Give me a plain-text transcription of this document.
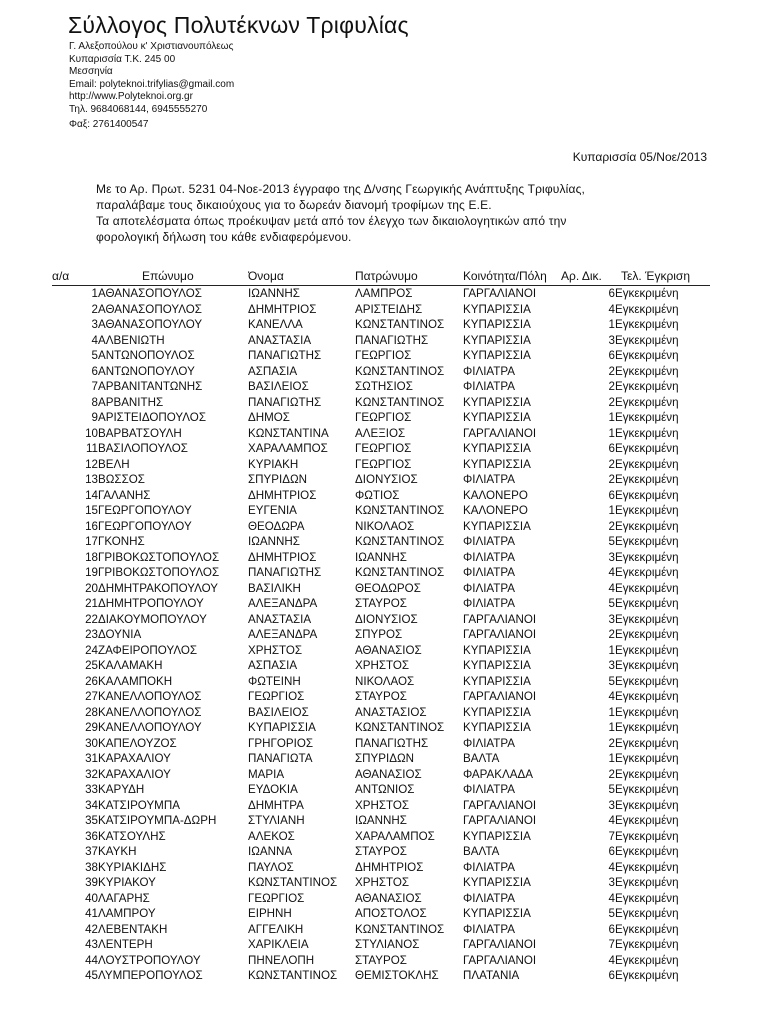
Σύλλογος Πολυτέκνων Τριφυλίας
Γ. Αλεξοπούλου κ' Χριστιανουπόλεως
Κυπαρισσία Τ.Κ. 245 00
Μεσσηνία
Email: polyteknoi.trifylias@gmail.com
http://www.Polyteknoi.org.gr
Τηλ. 9684068144, 6945555270
Φαξ: 2761400547
Κυπαρισσία 05/Νοε/2013

Με το Αρ. Πρωτ. 5231 04-Νοε-2013 έγγραφο της Δ/νσης Γεωργικής Ανάπτυξης Τριφυλίας,

παραλάβαμε τους δικαιούχους για το δωρεάν διανομή τροφίμων της Ε.Ε.

Τα αποτελέσματα όπως προέκυψαν μετά από τον έλεγχο των δικαιολογητικών από την

φορολογική δήλωση του κάθε ενδιαφερόμενου.

α/α	Επώνυμο	Όνομα	Πατρώνυμο	Κοινότητα/Πόλη	Αρ. Δικ.	Τελ. Έγκριση
1	ΑΘΑΝΑΣΟΠΟΥΛΟΣ	ΙΩΑΝΝΗΣ	ΛΑΜΠΡΟΣ	ΓΑΡΓΑΛΙΑΝΟΙ	6	Εγκεκριμένη
2	ΑΘΑΝΑΣΟΠΟΥΛΟΣ	ΔΗΜΗΤΡΙΟΣ	ΑΡΙΣΤΕΙΔΗΣ	ΚΥΠΑΡΙΣΣΙΑ	4	Εγκεκριμένη
3	ΑΘΑΝΑΣΟΠΟΥΛΟΥ	ΚΑΝΕΛΛΑ	ΚΩΝΣΤΑΝΤΙΝΟΣ	ΚΥΠΑΡΙΣΣΙΑ	1	Εγκεκριμένη
4	ΑΛΒΕΝΙΩΤΗ	ΑΝΑΣΤΑΣΙΑ	ΠΑΝΑΓΙΩΤΗΣ	ΚΥΠΑΡΙΣΣΙΑ	3	Εγκεκριμένη
5	ΑΝΤΩΝΟΠΟΥΛΟΣ	ΠΑΝΑΓΙΩΤΗΣ	ΓΕΩΡΓΙΟΣ	ΚΥΠΑΡΙΣΣΙΑ	6	Εγκεκριμένη
6	ΑΝΤΩΝΟΠΟΥΛΟΥ	ΑΣΠΑΣΙΑ	ΚΩΝΣΤΑΝΤΙΝΟΣ	ΦΙΛΙΑΤΡΑ	2	Εγκεκριμένη
7	ΑΡΒΑΝΙΤΑΝΤΩΝΗΣ	ΒΑΣΙΛΕΙΟΣ	ΣΩΤΗΣΙΟΣ	ΦΙΛΙΑΤΡΑ	2	Εγκεκριμένη
8	ΑΡΒΑΝΙΤΗΣ	ΠΑΝΑΓΙΩΤΗΣ	ΚΩΝΣΤΑΝΤΙΝΟΣ	ΚΥΠΑΡΙΣΣΙΑ	2	Εγκεκριμένη
9	ΑΡΙΣΤΕΙΔΟΠΟΥΛΟΣ	ΔΗΜΟΣ	ΓΕΩΡΓΙΟΣ	ΚΥΠΑΡΙΣΣΙΑ	1	Εγκεκριμένη
10	ΒΑΡΒΑΤΣΟΥΛΗ	ΚΩΝΣΤΑΝΤΙΝΑ	ΑΛΕΞΙΟΣ	ΓΑΡΓΑΛΙΑΝΟΙ	1	Εγκεκριμένη
11	ΒΑΣΙΛΟΠΟΥΛΟΣ	ΧΑΡΑΛΑΜΠΟΣ	ΓΕΩΡΓΙΟΣ	ΚΥΠΑΡΙΣΣΙΑ	6	Εγκεκριμένη
12	ΒΕΛΗ	ΚΥΡΙΑΚΗ	ΓΕΩΡΓΙΟΣ	ΚΥΠΑΡΙΣΣΙΑ	2	Εγκεκριμένη
13	ΒΩΣΣΟΣ	ΣΠΥΡΙΔΩΝ	ΔΙΟΝΥΣΙΟΣ	ΦΙΛΙΑΤΡΑ	2	Εγκεκριμένη
14	ΓΑΛΑΝΗΣ	ΔΗΜΗΤΡΙΟΣ	ΦΩΤΙΟΣ	ΚΑΛΟΝΕΡΟ	6	Εγκεκριμένη
15	ΓΕΩΡΓΟΠΟΥΛΟΥ	ΕΥΓΕΝΙΑ	ΚΩΝΣΤΑΝΤΙΝΟΣ	ΚΑΛΟΝΕΡΟ	1	Εγκεκριμένη
16	ΓΕΩΡΓΟΠΟΥΛΟΥ	ΘΕΟΔΩΡΑ	ΝΙΚΟΛΑΟΣ	ΚΥΠΑΡΙΣΣΙΑ	2	Εγκεκριμένη
17	ΓΚΟΝΗΣ	ΙΩΑΝΝΗΣ	ΚΩΝΣΤΑΝΤΙΝΟΣ	ΦΙΛΙΑΤΡΑ	5	Εγκεκριμένη
18	ΓΡΙΒΟΚΩΣΤΟΠΟΥΛΟΣ	ΔΗΜΗΤΡΙΟΣ	ΙΩΑΝΝΗΣ	ΦΙΛΙΑΤΡΑ	3	Εγκεκριμένη
19	ΓΡΙΒΟΚΩΣΤΟΠΟΥΛΟΣ	ΠΑΝΑΓΙΩΤΗΣ	ΚΩΝΣΤΑΝΤΙΝΟΣ	ΦΙΛΙΑΤΡΑ	4	Εγκεκριμένη
20	ΔΗΜΗΤΡΑΚΟΠΟΥΛΟΥ	ΒΑΣΙΛΙΚΗ	ΘΕΟΔΩΡΟΣ	ΦΙΛΙΑΤΡΑ	4	Εγκεκριμένη
21	ΔΗΜΗΤΡΟΠΟΥΛΟΥ	ΑΛΕΞΑΝΔΡΑ	ΣΤΑΥΡΟΣ	ΦΙΛΙΑΤΡΑ	5	Εγκεκριμένη
22	ΔΙΑΚΟΥΜΟΠΟΥΛΟΥ	ΑΝΑΣΤΑΣΙΑ	ΔΙΟΝΥΣΙΟΣ	ΓΑΡΓΑΛΙΑΝΟΙ	3	Εγκεκριμένη
23	ΔΟΥΝΙΑ	ΑΛΕΞΑΝΔΡΑ	ΣΠΥΡΟΣ	ΓΑΡΓΑΛΙΑΝΟΙ	2	Εγκεκριμένη
24	ΖΑΦΕΙΡΟΠΟΥΛΟΣ	ΧΡΗΣΤΟΣ	ΑΘΑΝΑΣΙΟΣ	ΚΥΠΑΡΙΣΣΙΑ	1	Εγκεκριμένη
25	ΚΑΛΑΜΑΚΗ	ΑΣΠΑΣΙΑ	ΧΡΗΣΤΟΣ	ΚΥΠΑΡΙΣΣΙΑ	3	Εγκεκριμένη
26	ΚΑΛΑΜΠΟΚΗ	ΦΩΤΕΙΝΗ	ΝΙΚΟΛΑΟΣ	ΚΥΠΑΡΙΣΣΙΑ	5	Εγκεκριμένη
27	ΚΑΝΕΛΛΟΠΟΥΛΟΣ	ΓΕΩΡΓΙΟΣ	ΣΤΑΥΡΟΣ	ΓΑΡΓΑΛΙΑΝΟΙ	4	Εγκεκριμένη
28	ΚΑΝΕΛΛΟΠΟΥΛΟΣ	ΒΑΣΙΛΕΙΟΣ	ΑΝΑΣΤΑΣΙΟΣ	ΚΥΠΑΡΙΣΣΙΑ	1	Εγκεκριμένη
29	ΚΑΝΕΛΛΟΠΟΥΛΟΥ	ΚΥΠΑΡΙΣΣΙΑ	ΚΩΝΣΤΑΝΤΙΝΟΣ	ΚΥΠΑΡΙΣΣΙΑ	1	Εγκεκριμένη
30	ΚΑΠΕΛΟΥΖΟΣ	ΓΡΗΓΟΡΙΟΣ	ΠΑΝΑΓΙΩΤΗΣ	ΦΙΛΙΑΤΡΑ	2	Εγκεκριμένη
31	ΚΑΡΑΧΑΛΙΟΥ	ΠΑΝΑΓΙΩΤΑ	ΣΠΥΡΙΔΩΝ	ΒΑΛΤΑ	1	Εγκεκριμένη
32	ΚΑΡΑΧΑΛΙΟΥ	ΜΑΡΙΑ	ΑΘΑΝΑΣΙΟΣ	ΦΑΡΑΚΛΑΔΑ	2	Εγκεκριμένη
33	ΚΑΡΥΔΗ	ΕΥΔΟΚΙΑ	ΑΝΤΩΝΙΟΣ	ΦΙΛΙΑΤΡΑ	5	Εγκεκριμένη
34	ΚΑΤΣΙΡΟΥΜΠΑ	ΔΗΜΗΤΡΑ	ΧΡΗΣΤΟΣ	ΓΑΡΓΑΛΙΑΝΟΙ	3	Εγκεκριμένη
35	ΚΑΤΣΙΡΟΥΜΠΑ-ΔΩΡΗ	ΣΤΥΛΙΑΝΗ	ΙΩΑΝΝΗΣ	ΓΑΡΓΑΛΙΑΝΟΙ	4	Εγκεκριμένη
36	ΚΑΤΣΟΥΛΗΣ	ΑΛΕΚΟΣ	ΧΑΡΑΛΑΜΠΟΣ	ΚΥΠΑΡΙΣΣΙΑ	7	Εγκεκριμένη
37	ΚΑΥΚΗ	ΙΩΑΝΝΑ	ΣΤΑΥΡΟΣ	ΒΑΛΤΑ	6	Εγκεκριμένη
38	ΚΥΡΙΑΚΙΔΗΣ	ΠΑΥΛΟΣ	ΔΗΜΗΤΡΙΟΣ	ΦΙΛΙΑΤΡΑ	4	Εγκεκριμένη
39	ΚΥΡΙΑΚΟΥ	ΚΩΝΣΤΑΝΤΙΝΟΣ	ΧΡΗΣΤΟΣ	ΚΥΠΑΡΙΣΣΙΑ	3	Εγκεκριμένη
40	ΛΑΓΑΡΗΣ	ΓΕΩΡΓΙΟΣ	ΑΘΑΝΑΣΙΟΣ	ΦΙΛΙΑΤΡΑ	4	Εγκεκριμένη
41	ΛΑΜΠΡΟΥ	ΕΙΡΗΝΗ	ΑΠΟΣΤΟΛΟΣ	ΚΥΠΑΡΙΣΣΙΑ	5	Εγκεκριμένη
42	ΛΕΒΕΝΤΑΚΗ	ΑΓΓΕΛΙΚΗ	ΚΩΝΣΤΑΝΤΙΝΟΣ	ΦΙΛΙΑΤΡΑ	6	Εγκεκριμένη
43	ΛΕΝΤΕΡΗ	ΧΑΡΙΚΛΕΙΑ	ΣΤΥΛΙΑΝΟΣ	ΓΑΡΓΑΛΙΑΝΟΙ	7	Εγκεκριμένη
44	ΛΟΥΣΤΡΟΠΟΥΛΟΥ	ΠΗΝΕΛΟΠΗ	ΣΤΑΥΡΟΣ	ΓΑΡΓΑΛΙΑΝΟΙ	4	Εγκεκριμένη
45	ΛΥΜΠΕΡΟΠΟΥΛΟΣ	ΚΩΝΣΤΑΝΤΙΝΟΣ	ΘΕΜΙΣΤΟΚΛΗΣ	ΠΛΑΤΑΝΙΑ	6	Εγκεκριμένη
